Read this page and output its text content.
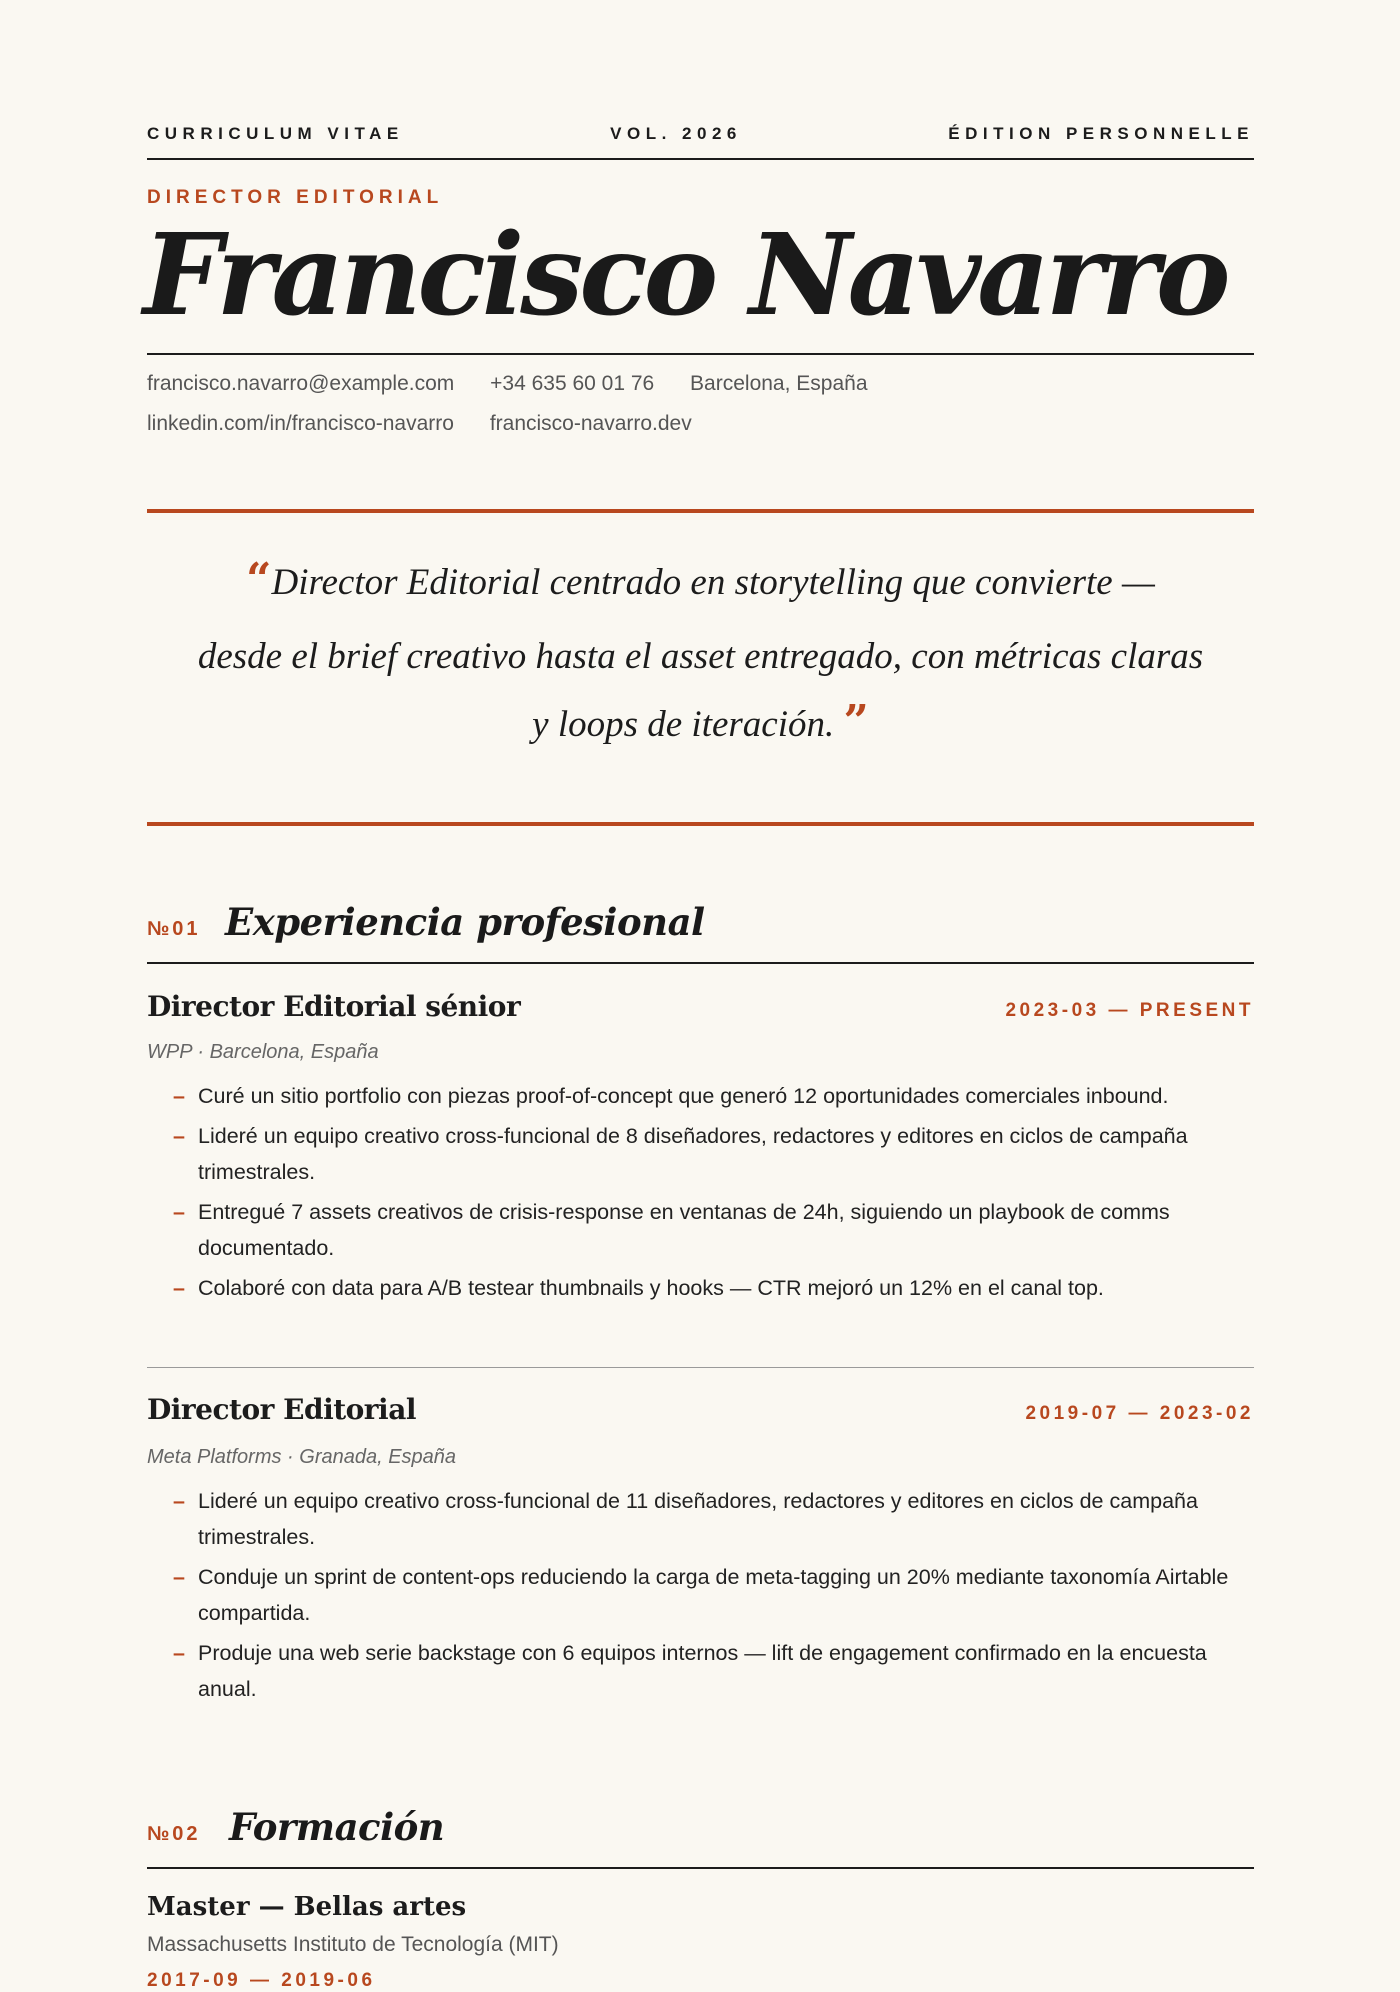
CURRICULUM VITAE	VOL. 2026	ÉDITION PERSONNELLE
DIRECTOR EDITORIAL
Francisco Navarro
francisco.navarro@example.com +34 635 60 01 76 Barcelona, España
linkedin.com/in/francisco-navarro francisco-navarro.dev
“Director Editorial centrado en storytelling que convierte —
desde el brief creativo hasta el asset entregado, con métricas claras
y loops de iteración. ”
№01 Experiencia profesional
Director Editorial sénior	2023-03 — PRESENT
WPP · Barcelona, España
– Curé un sitio portfolio con piezas proof-of-concept que generó 12 oportunidades comerciales inbound.
– Lideré un equipo creativo cross-funcional de 8 diseñadores, redactores y editores en ciclos de campaña trimestrales.
– Entregué 7 assets creativos de crisis-response en ventanas de 24h, siguiendo un playbook de comms documentado.
– Colaboré con data para A/B testear thumbnails y hooks — CTR mejoró un 12% en el canal top.
Director Editorial	2019-07 — 2023-02
Meta Platforms · Granada, España
– Lideré un equipo creativo cross-funcional de 11 diseñadores, redactores y editores en ciclos de campaña trimestrales.
– Conduje un sprint de content-ops reduciendo la carga de meta-tagging un 20% mediante taxonomía Airtable compartida.
– Produje una web serie backstage con 6 equipos internos — lift de engagement confirmado en la encuesta anual.
№02 Formación
Master — Bellas artes
Massachusetts Instituto de Tecnología (MIT)
2017-09 — 2019-06
